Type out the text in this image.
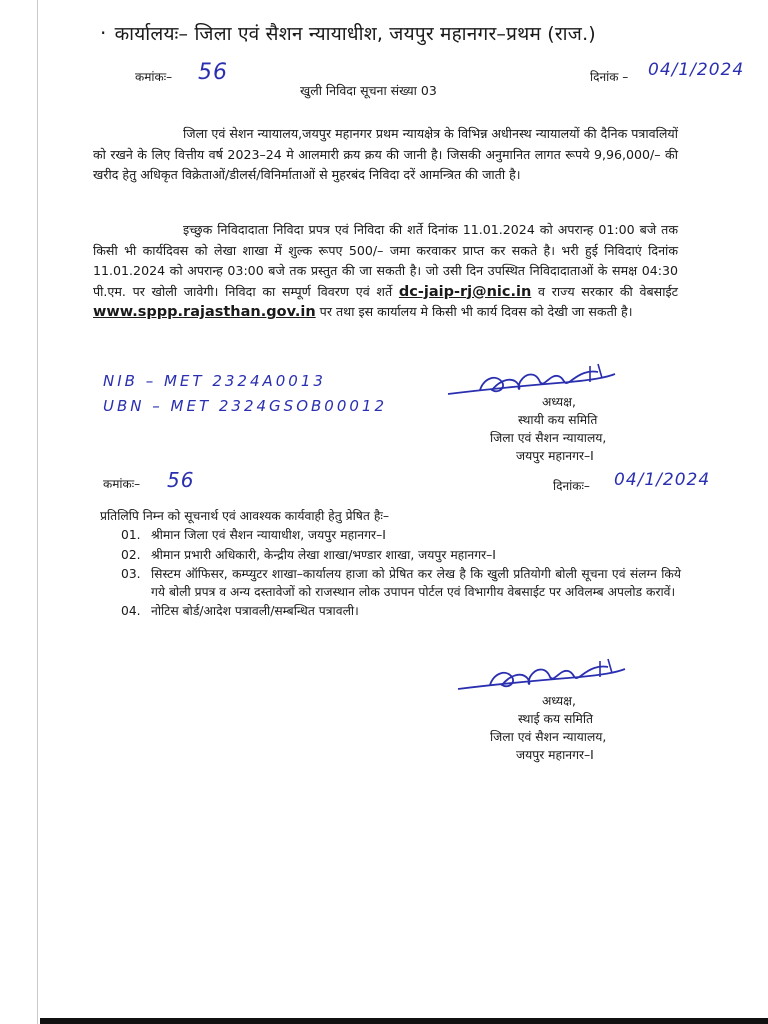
· कार्यालयः– जिला एवं सैशन न्यायाधीश, जयपुर महानगर–प्रथम (राज.)
कमांकः– 56	दिनांक – 04/1/2024
खुली निविदा सूचना संख्या 03
जिला एवं सेशन न्यायालय,जयपुर महानगर प्रथम न्यायक्षेत्र के विभिन्न अधीनस्थ न्यायालयों की दैनिक पत्रावलियों को रखने के लिए वित्तीय वर्ष 2023–24 मे आलमारी क्रय क्रय की जानी है। जिसकी अनुमानित लागत रूपये 9,96,000/– की खरीद हेतु अधिकृत विक्रेताओं/डीलर्स/विनिर्माताओं से मुहरबंद निविदा दरें आमन्त्रित की जाती है।
इच्छुक निविदादाता निविदा प्रपत्र एवं निविदा की शर्ते दिनांक 11.01.2024 को अपरान्ह 01:00 बजे तक किसी भी कार्यदिवस को लेखा शाखा में शुल्क रूपए 500/– जमा करवाकर प्राप्त कर सकते है। भरी हुई निविदाएं दिनांक 11.01.2024 को अपरान्ह 03:00 बजे तक प्रस्तुत की जा सकती है। जो उसी दिन उपस्थित निविदादाताओं के समक्ष 04:30 पी.एम. पर खोली जावेगी। निविदा का सम्पूर्ण विवरण एवं शर्ते dc-jaip-rj@nic.in व राज्य सरकार की वेबसाईट www.sppp.rajasthan.gov.in पर तथा इस कार्यालय मे किसी भी कार्य दिवस को देखी जा सकती है।
NIB – MET 2324A0013
UBN – MET 2324GSOB00012	अध्यक्ष,
स्थायी कय समिति
जिला एवं सैशन न्यायालय,
जयपुर महानगर–I
कमांकः– 56	दिनांकः– 04/1/2024
प्रतिलिपि निम्न को सूचनार्थ एवं आवश्यक कार्यवाही हेतु प्रेषित हैः–
01. श्रीमान जिला एवं सैशन न्यायाधीश, जयपुर महानगर–I
02. श्रीमान प्रभारी अधिकारी, केन्द्रीय लेखा शाखा/भण्डार शाखा, जयपुर महानगर–I
03. सिस्टम ऑफिसर, कम्प्युटर शाखा–कार्यालय हाजा को प्रेषित कर लेख है कि खुली प्रतियोगी बोली सूचना एवं संलग्न किये गये बोली प्रपत्र व अन्य दस्तावेजों को राजस्थान लोक उपापन पोर्टल एवं विभागीय वेबसाईट पर अविलम्ब अपलोड करावें।
04. नोटिस बोर्ड/आदेश पत्रावली/सम्बन्धित पत्रावली।
अध्यक्ष,
स्थाई कय समिति
जिला एवं सैशन न्यायालय,
जयपुर महानगर–I
